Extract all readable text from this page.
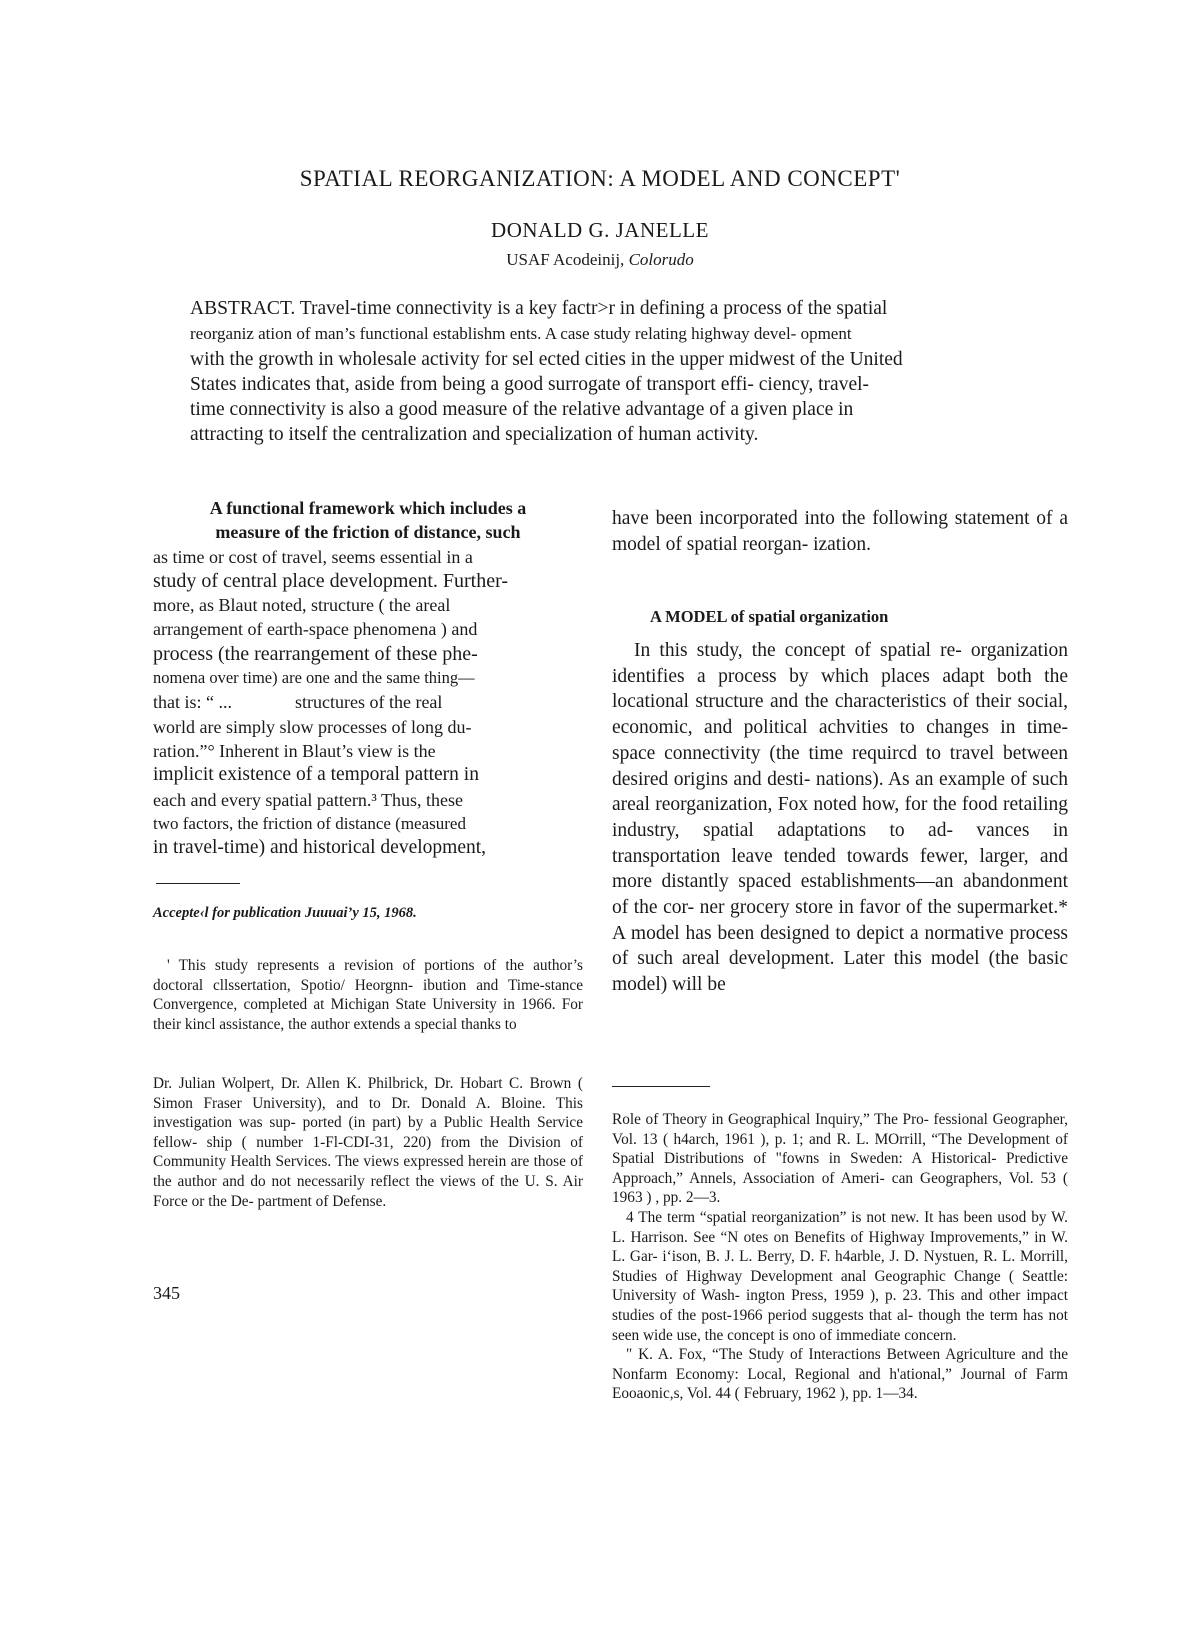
SPATIAL REORGANIZATION: A MODEL AND CONCEPT'
DONALD G. JANELLE
USAF Acodeinij, Colorudo
ABSTRACT. Travel-time connectivity is a key factr>r in defining a process of the spatial
reorganiz ation of man’s functional establishm ents. A case study relating highway devel- opment
with the growth in wholesale activity for sel ected cities in the upper midwest of the United
States indicates that, aside from being a good surrogate of transport effi- ciency, travel-
time connectivity is also a good measure of the relative advantage of a given place in
attracting to itself the centralization and specialization of human activity.

A functional framework which includes a

measure of the friction of distance, such

as time or cost of travel, seems essential in a

study of central place development. Further-

more, as Blaut noted, structure ( the areal

arrangement of earth-space phenomena ) and

process (the rearrangement of these phe-

nomena over time) are one and the same thing—

that is: “ ...              structures of the real

world are simply slow processes of long du-

ration.”° Inherent in Blaut’s view is the

implicit existence of a temporal pattern in

each and every spatial pattern.³ Thus, these

two factors, the friction of distance (measured

in travel-time) and historical development,

Accepte‹l for publication Juuuai’y 15, 1968.

' This study represents a revision of portions of the author’s doctoral cllssertation, Spotio/ Heorgnn- ibution and Time-stance Convergence, completed at Michigan State University in 1966. For their kincl assistance, the author extends a special thanks to

Dr. Julian Wolpert, Dr. Allen K. Philbrick, Dr. Hobart C. Brown ( Simon Fraser University), and to Dr. Donald A. Bloine. This investigation was sup- ported (in part) by a Public Health Service fellow- ship ( number 1-Fl-CDI-31, 220) from the Division of Community Health Services. The views expressed herein are those of the author and do not necessarily reflect the views of the U. S. Air Force or the De- partment of Defense.

345

have been incorporated into the following statement of a model of spatial reorgan- ization.

A MODEL of spatial organization

In this study, the concept of spatial re- organization identifies a process by which places adapt both the locational structure and the characteristics of their social, economic, and political achvities to changes in time- space connectivity (the time requircd to travel between desired origins and desti- nations). As an example of such areal reorganization, Fox noted how, for the food retailing industry, spatial adaptations to ad- vances in transportation leave tended towards fewer, larger, and more distantly spaced establishments—an abandonment of the cor- ner grocery store in favor of the supermarket.* A model has been designed to depict a normative process of such areal development. Later this model (the basic model) will be

Role of Theory in Geographical Inquiry,” The Pro- fessional Geographer, Vol. 13 ( h4arch, 1961 ), p. 1; and R. L. MOrrill, “The Development of Spatial Distributions of "fowns in Sweden: A Historical- Predictive Approach,” Annels, Association of Ameri- can Geographers, Vol. 53 ( 1963 ) , pp. 2—3.

4 The term “spatial reorganization” is not new. It has been usod by W. L. Harrison. See “N otes on Benefits of Highway Improvements,” in W. L. Gar- i‘ison, B. J. L. Berry, D. F. h4arble, J. D. Nystuen, R. L. Morrill, Studies of Highway Development anal Geographic Change ( Seattle: University of Wash- ington Press, 1959 ), p. 23. This and other impact studies of the post-1966 period suggests that al- though the term has not seen wide use, the concept is ono of immediate concern.

" K. A. Fox, “The Study of Interactions Between Agriculture and the Nonfarm Economy: Local, Regional and h'ational,” Journal of Farm Eooaonic,s, Vol. 44 ( February, 1962 ), pp. 1—34.
